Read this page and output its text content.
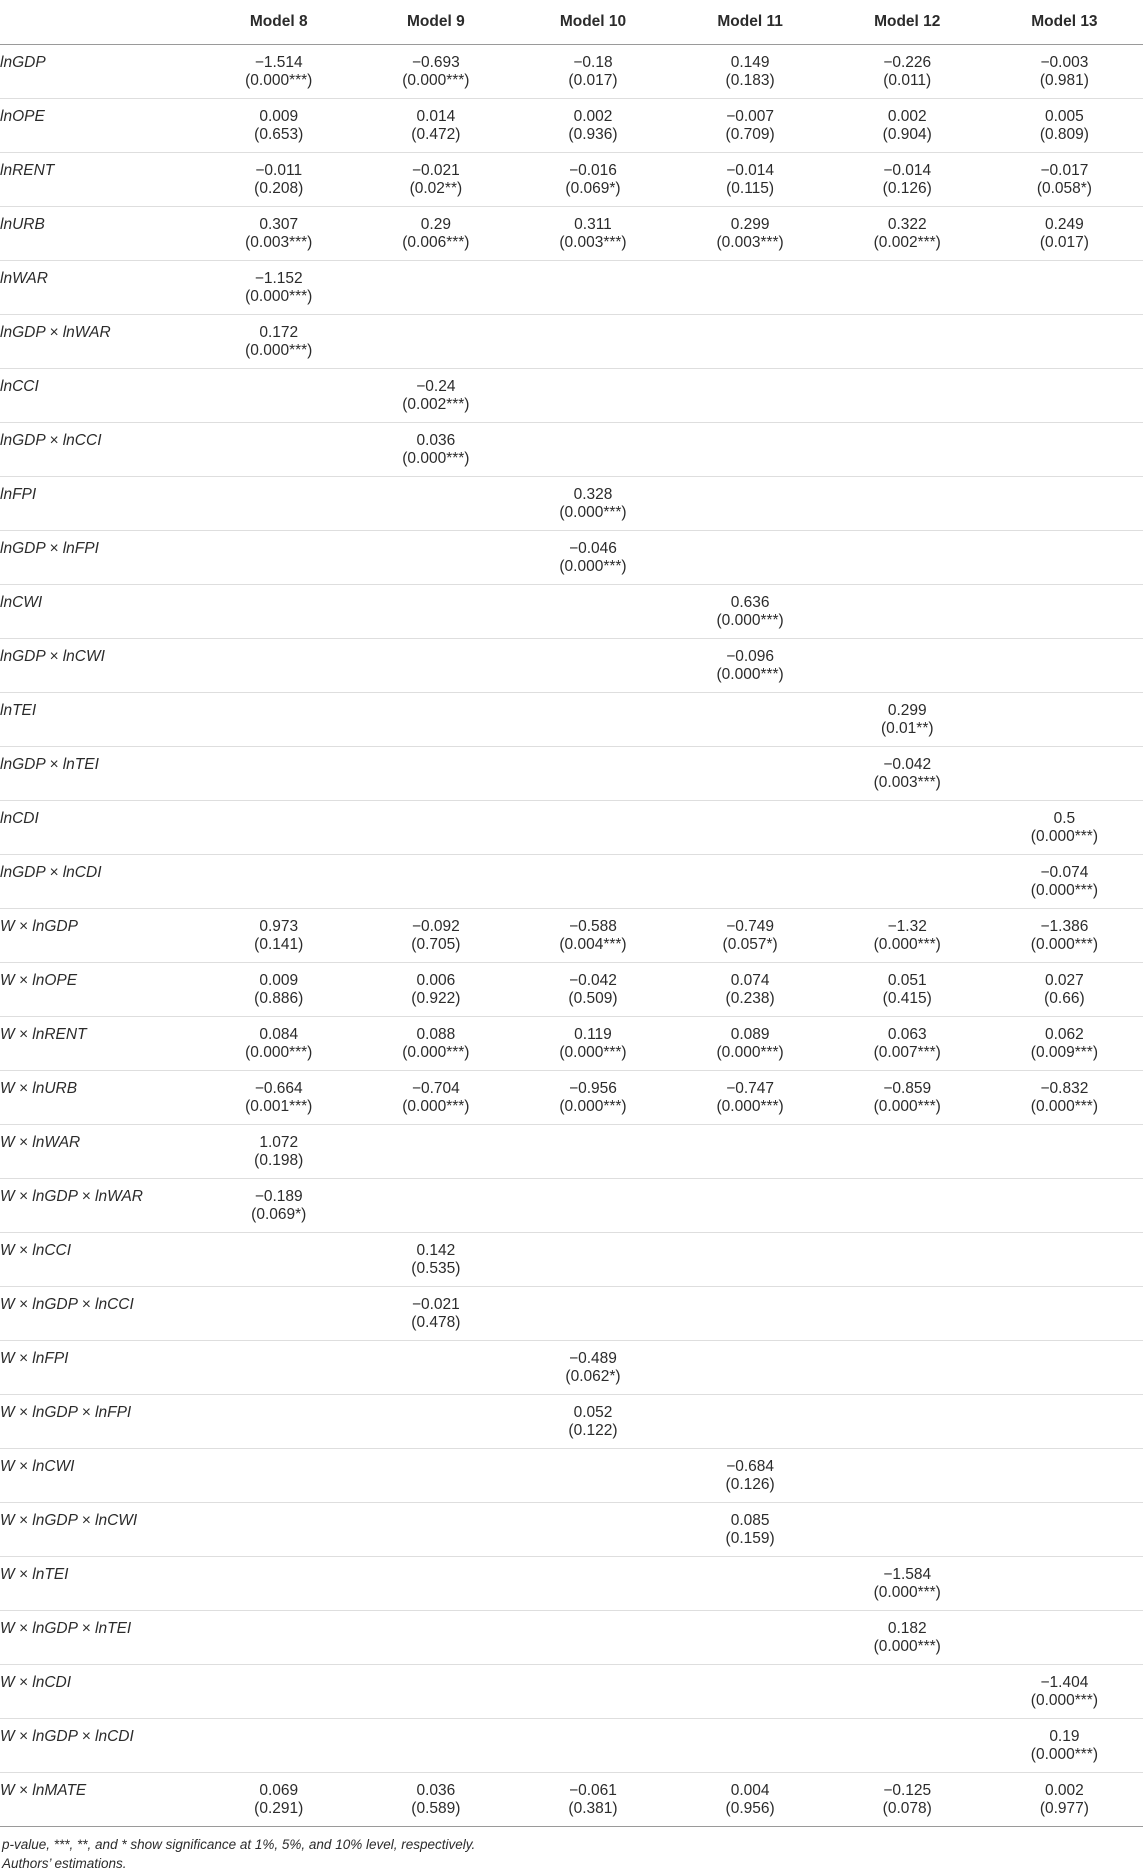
	Model 8	Model 9	Model 10	Model 11	Model 12	Model 13
lnGDP	−1.514	−0.693	−0.18	0.149	−0.226	−0.003
	(0.000***)	(0.000***)	(0.017)	(0.183)	(0.011)	(0.981)
lnOPE	0.009	0.014	0.002	−0.007	0.002	0.005
	(0.653)	(0.472)	(0.936)	(0.709)	(0.904)	(0.809)
lnRENT	−0.011	−0.021	−0.016	−0.014	−0.014	−0.017
	(0.208)	(0.02**)	(0.069*)	(0.115)	(0.126)	(0.058*)
lnURB	0.307	0.29	0.311	0.299	0.322	0.249
	(0.003***)	(0.006***)	(0.003***)	(0.003***)	(0.002***)	(0.017)
lnWAR	−1.152					
	(0.000***)					
lnGDP × lnWAR	0.172					
	(0.000***)					
lnCCI		−0.24				
		(0.002***)				
lnGDP × lnCCI		0.036				
		(0.000***)				
lnFPI			0.328			
			(0.000***)			
lnGDP × lnFPI			−0.046			
			(0.000***)			
lnCWI				0.636		
				(0.000***)		
lnGDP × lnCWI				−0.096		
				(0.000***)		
lnTEI					0.299	
					(0.01**)	
lnGDP × lnTEI					−0.042	
					(0.003***)	
lnCDI						0.5
						(0.000***)
lnGDP × lnCDI						−0.074
						(0.000***)
W × lnGDP	0.973	−0.092	−0.588	−0.749	−1.32	−1.386
	(0.141)	(0.705)	(0.004***)	(0.057*)	(0.000***)	(0.000***)
W × lnOPE	0.009	0.006	−0.042	0.074	0.051	0.027
	(0.886)	(0.922)	(0.509)	(0.238)	(0.415)	(0.66)
W × lnRENT	0.084	0.088	0.119	0.089	0.063	0.062
	(0.000***)	(0.000***)	(0.000***)	(0.000***)	(0.007***)	(0.009***)
W × lnURB	−0.664	−0.704	−0.956	−0.747	−0.859	−0.832
	(0.001***)	(0.000***)	(0.000***)	(0.000***)	(0.000***)	(0.000***)
W × lnWAR	1.072					
	(0.198)					
W × lnGDP × lnWAR	−0.189					
	(0.069*)					
W × lnCCI		0.142				
		(0.535)				
W × lnGDP × lnCCI		−0.021				
		(0.478)				
W × lnFPI			−0.489			
			(0.062*)			
W × lnGDP × lnFPI			0.052			
			(0.122)			
W × lnCWI				−0.684		
				(0.126)		
W × lnGDP × lnCWI				0.085		
				(0.159)		
W × lnTEI					−1.584	
					(0.000***)	
W × lnGDP × lnTEI					0.182	
					(0.000***)	
W × lnCDI						−1.404
						(0.000***)
W × lnGDP × lnCDI						0.19
						(0.000***)
W × lnMATE	0.069	0.036	−0.061	0.004	−0.125	0.002
	(0.291)	(0.589)	(0.381)	(0.956)	(0.078)	(0.977)
p-value, ***, **, and * show significance at 1%, 5%, and 10% level, respectively.
Authors’ estimations.
